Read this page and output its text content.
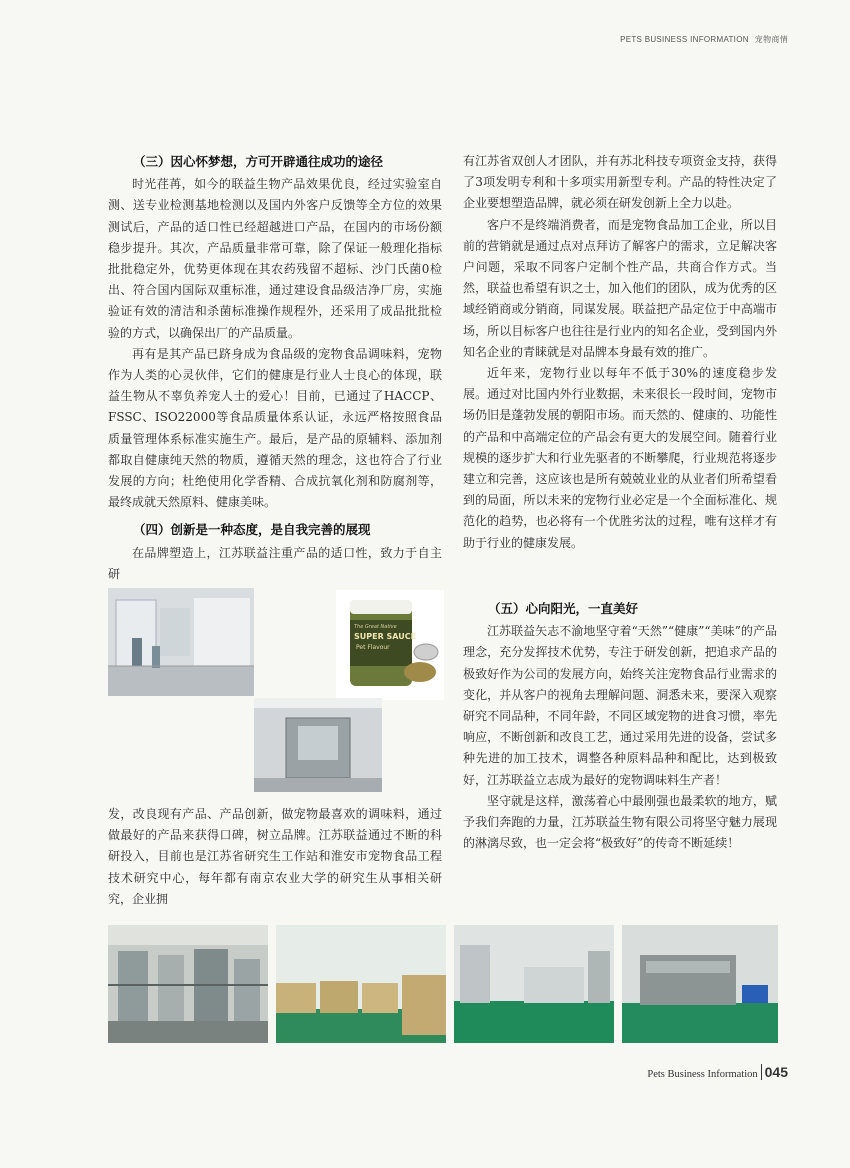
PETS BUSINESS INFORMATION 宠物商情
（三）因心怀梦想，方可开辟通往成功的途径

时光荏苒，如今的联益生物产品效果优良，经过实验室自测、送专业检测基地检测以及国内外客户反馈等全方位的效果测试后，产品的适口性已经超越进口产品，在国内的市场份额稳步提升。其次，产品质量非常可靠，除了保证一般理化指标批批稳定外，优势更体现在其农药残留不超标、沙门氏菌0检出、符合国内国际双重标准，通过建设食品级洁净厂房，实施验证有效的清洁和杀菌标准操作规程外，还采用了成品批批检验的方式，以确保出厂的产品质量。

再有是其产品已跻身成为食品级的宠物食品调味料，宠物作为人类的心灵伙伴，它们的健康是行业人士良心的体现，联益生物从不辜负养宠人士的爱心！目前，已通过了HACCP、FSSC、ISO22000等食品质量体系认证，永远严格按照食品质量管理体系标准实施生产。最后，是产品的原辅料、添加剂都取自健康纯天然的物质，遵循天然的理念，这也符合了行业发展的方向；杜绝使用化学香精、合成抗氧化剂和防腐剂等，最终成就天然原料、健康美味。

（四）创新是一种态度，是自我完善的展现

在品牌塑造上，江苏联益注重产品的适口性，致力于自主研

The Great Native
SUPER SAUCE
Pet Flavour

发，改良现有产品、产品创新，做宠物最喜欢的调味料，通过做最好的产品来获得口碑，树立品牌。江苏联益通过不断的科研投入，目前也是江苏省研究生工作站和淮安市宠物食品工程技术研究中心，每年都有南京农业大学的研究生从事相关研究，企业拥

有江苏省双创人才团队，并有苏北科技专项资金支持，获得了3项发明专利和十多项实用新型专利。产品的特性决定了企业要想塑造品牌，就必须在研发创新上全力以赴。

客户不是终端消费者，而是宠物食品加工企业，所以目前的营销就是通过点对点拜访了解客户的需求，立足解决客户问题，采取不同客户定制个性产品，共商合作方式。当然，联益也希望有识之士，加入他们的团队，成为优秀的区域经销商或分销商，同谋发展。联益把产品定位于中高端市场，所以目标客户也往往是行业内的知名企业，受到国内外知名企业的青睐就是对品牌本身最有效的推广。

近年来，宠物行业以每年不低于30%的速度稳步发展。通过对比国内外行业数据，未来很长一段时间，宠物市场仍旧是蓬勃发展的朝阳市场。而天然的、健康的、功能性的产品和中高端定位的产品会有更大的发展空间。随着行业规模的逐步扩大和行业先驱者的不断攀爬，行业规范将逐步建立和完善，这应该也是所有兢兢业业的从业者们所希望看到的局面，所以未来的宠物行业必定是一个全面标准化、规范化的趋势，也必将有一个优胜劣汰的过程，唯有这样才有助于行业的健康发展。

（五）心向阳光，一直美好

江苏联益矢志不渝地坚守着“天然”“健康”“美味”的产品理念，充分发挥技术优势，专注于研发创新，把追求产品的极致好作为公司的发展方向，始终关注宠物食品行业需求的变化，并从客户的视角去理解问题、洞悉未来，要深入观察研究不同品种，不同年龄，不同区域宠物的进食习惯，率先响应，不断创新和改良工艺，通过采用先进的设备，尝试多种先进的加工技术，调整各种原料品种和配比，达到极致好，江苏联益立志成为最好的宠物调味料生产者！

坚守就是这样，激荡着心中最刚强也最柔软的地方，赋予我们奔跑的力量，江苏联益生物有限公司将坚守魅力展现的淋漓尽致，也一定会将“极致好”的传奇不断延续！

Pets Business Information 045
